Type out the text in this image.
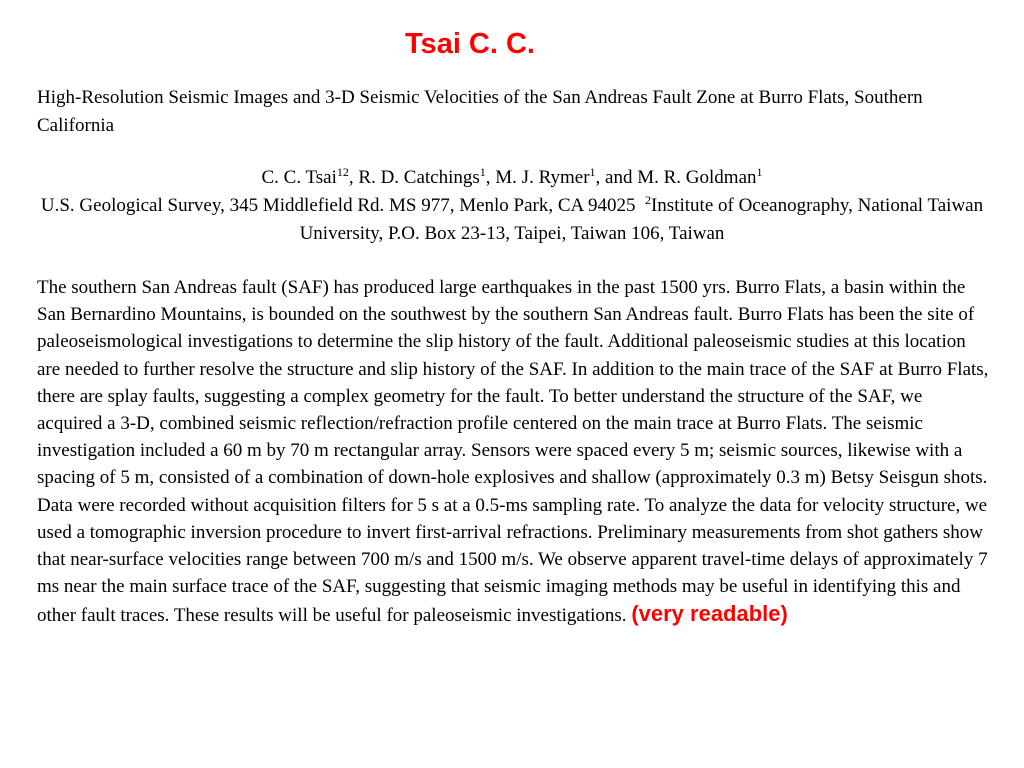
Tsai C. C.
High-Resolution Seismic Images and 3-D Seismic Velocities of the San Andreas Fault Zone at Burro Flats, Southern California
C. C. Tsai$^{12}$, R. D. Catchings$^1$, M. J. Rymer$^1$, and M. R. Goldman$^1$
U.S. Geological Survey, 345 Middlefield Rd. MS 977, Menlo Park, CA 94025 $^2$Institute of Oceanography, National Taiwan University, P.O. Box 23-13, Taipei, Taiwan 106, Taiwan
The southern San Andreas fault (SAF) has produced large earthquakes in the past 1500 yrs. Burro Flats, a basin within the San Bernardino Mountains, is bounded on the southwest by the southern San Andreas fault. Burro Flats has been the site of paleoseismological investigations to determine the slip history of the fault. Additional paleoseismic studies at this location are needed to further resolve the structure and slip history of the SAF. In addition to the main trace of the SAF at Burro Flats, there are splay faults, suggesting a complex geometry for the fault. To better understand the structure of the SAF, we acquired a 3-D, combined seismic reflection/refraction profile centered on the main trace at Burro Flats. The seismic investigation included a 60 m by 70 m rectangular array. Sensors were spaced every 5 m; seismic sources, likewise with a spacing of 5 m, consisted of a combination of down-hole explosives and shallow (approximately 0.3 m) Betsy Seisgun shots. Data were recorded without acquisition filters for 5 s at a 0.5-ms sampling rate. To analyze the data for velocity structure, we used a tomographic inversion procedure to invert first-arrival refractions. Preliminary measurements from shot gathers show that near-surface velocities range between 700 m/s and 1500 m/s. We observe apparent travel-time delays of approximately 7 ms near the main surface trace of the SAF, suggesting that seismic imaging methods may be useful in identifying this and other fault traces. These results will be useful for paleoseismic investigations. (very readable)
